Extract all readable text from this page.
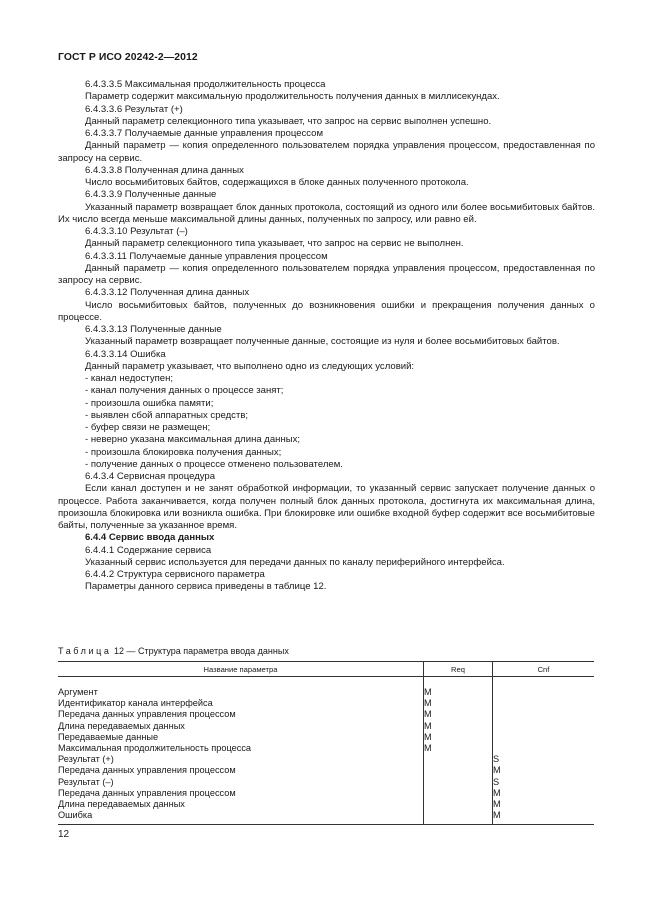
ГОСТ Р ИСО 20242-2—2012

6.4.3.3.5 Максимальная продолжительность процесса

Параметр содержит максимальную продолжительность получения данных в миллисекундах.

6.4.3.3.6 Результат (+)

Данный параметр селекционного типа указывает, что запрос на сервис выполнен успешно.

6.4.3.3.7 Получаемые данные управления процессом

Данный параметр — копия определенного пользователем порядка управления процессом, предоставленная по запросу на сервис.

6.4.3.3.8 Полученная длина данных

Число восьмибитовых байтов, содержащихся в блоке данных полученного протокола.

6.4.3.3.9 Полученные данные

Указанный параметр возвращает блок данных протокола, состоящий из одного или более восьмибитовых байтов. Их число всегда меньше максимальной длины данных, полученных по запросу, или равно ей.

6.4.3.3.10 Результат (–)

Данный параметр селекционного типа указывает, что запрос на сервис не выполнен.

6.4.3.3.11 Получаемые данные управления процессом

Данный параметр — копия определенного пользователем порядка управления процессом, предоставленная по запросу на сервис.

6.4.3.3.12 Полученная длина данных

Число восьмибитовых байтов, полученных до возникновения ошибки и прекращения получения данных о процессе.

6.4.3.3.13 Полученные данные

Указанный параметр возвращает полученные данные, состоящие из нуля и более восьмибитовых байтов.

6.4.3.3.14 Ошибка

Данный параметр указывает, что выполнено одно из следующих условий:

- канал недоступен;

- канал получения данных о процессе занят;

- произошла ошибка памяти;

- выявлен сбой аппаратных средств;

- буфер связи не размещен;

- неверно указана максимальная длина данных;

- произошла блокировка получения данных;

- получение данных о процессе отменено пользователем.

6.4.3.4 Сервисная процедура

Если канал доступен и не занят обработкой информации, то указанный сервис запускает получение данных о процессе. Работа заканчивается, когда получен полный блок данных протокола, достигнута их максимальная длина, произошла блокировка или возникла ошибка. При блокировке или ошибке входной буфер содержит все восьмибитовые байты, полученные за указанное время.

6.4.4 Сервис ввода данных

6.4.4.1 Содержание сервиса

Указанный сервис используется для передачи данных по каналу периферийного интерфейса.

6.4.4.2 Структура сервисного параметра

Параметры данного сервиса приведены в таблице 12.

Таблица 12 — Структура параметра ввода данных
Название параметра	Req	Cnf

Аргумент	M	
Идентификатор канала интерфейса	M	
Передача данных управления процессом	M	
Длина передаваемых данных	M	
Передаваемые данные	M	
Максимальная продолжительность процесса	M	
Результат (+)		S
Передача данных управления процессом		M
Результат (–)		S
Передача данных управления процессом		M
Длина передаваемых данных		M
Ошибка		M

12
